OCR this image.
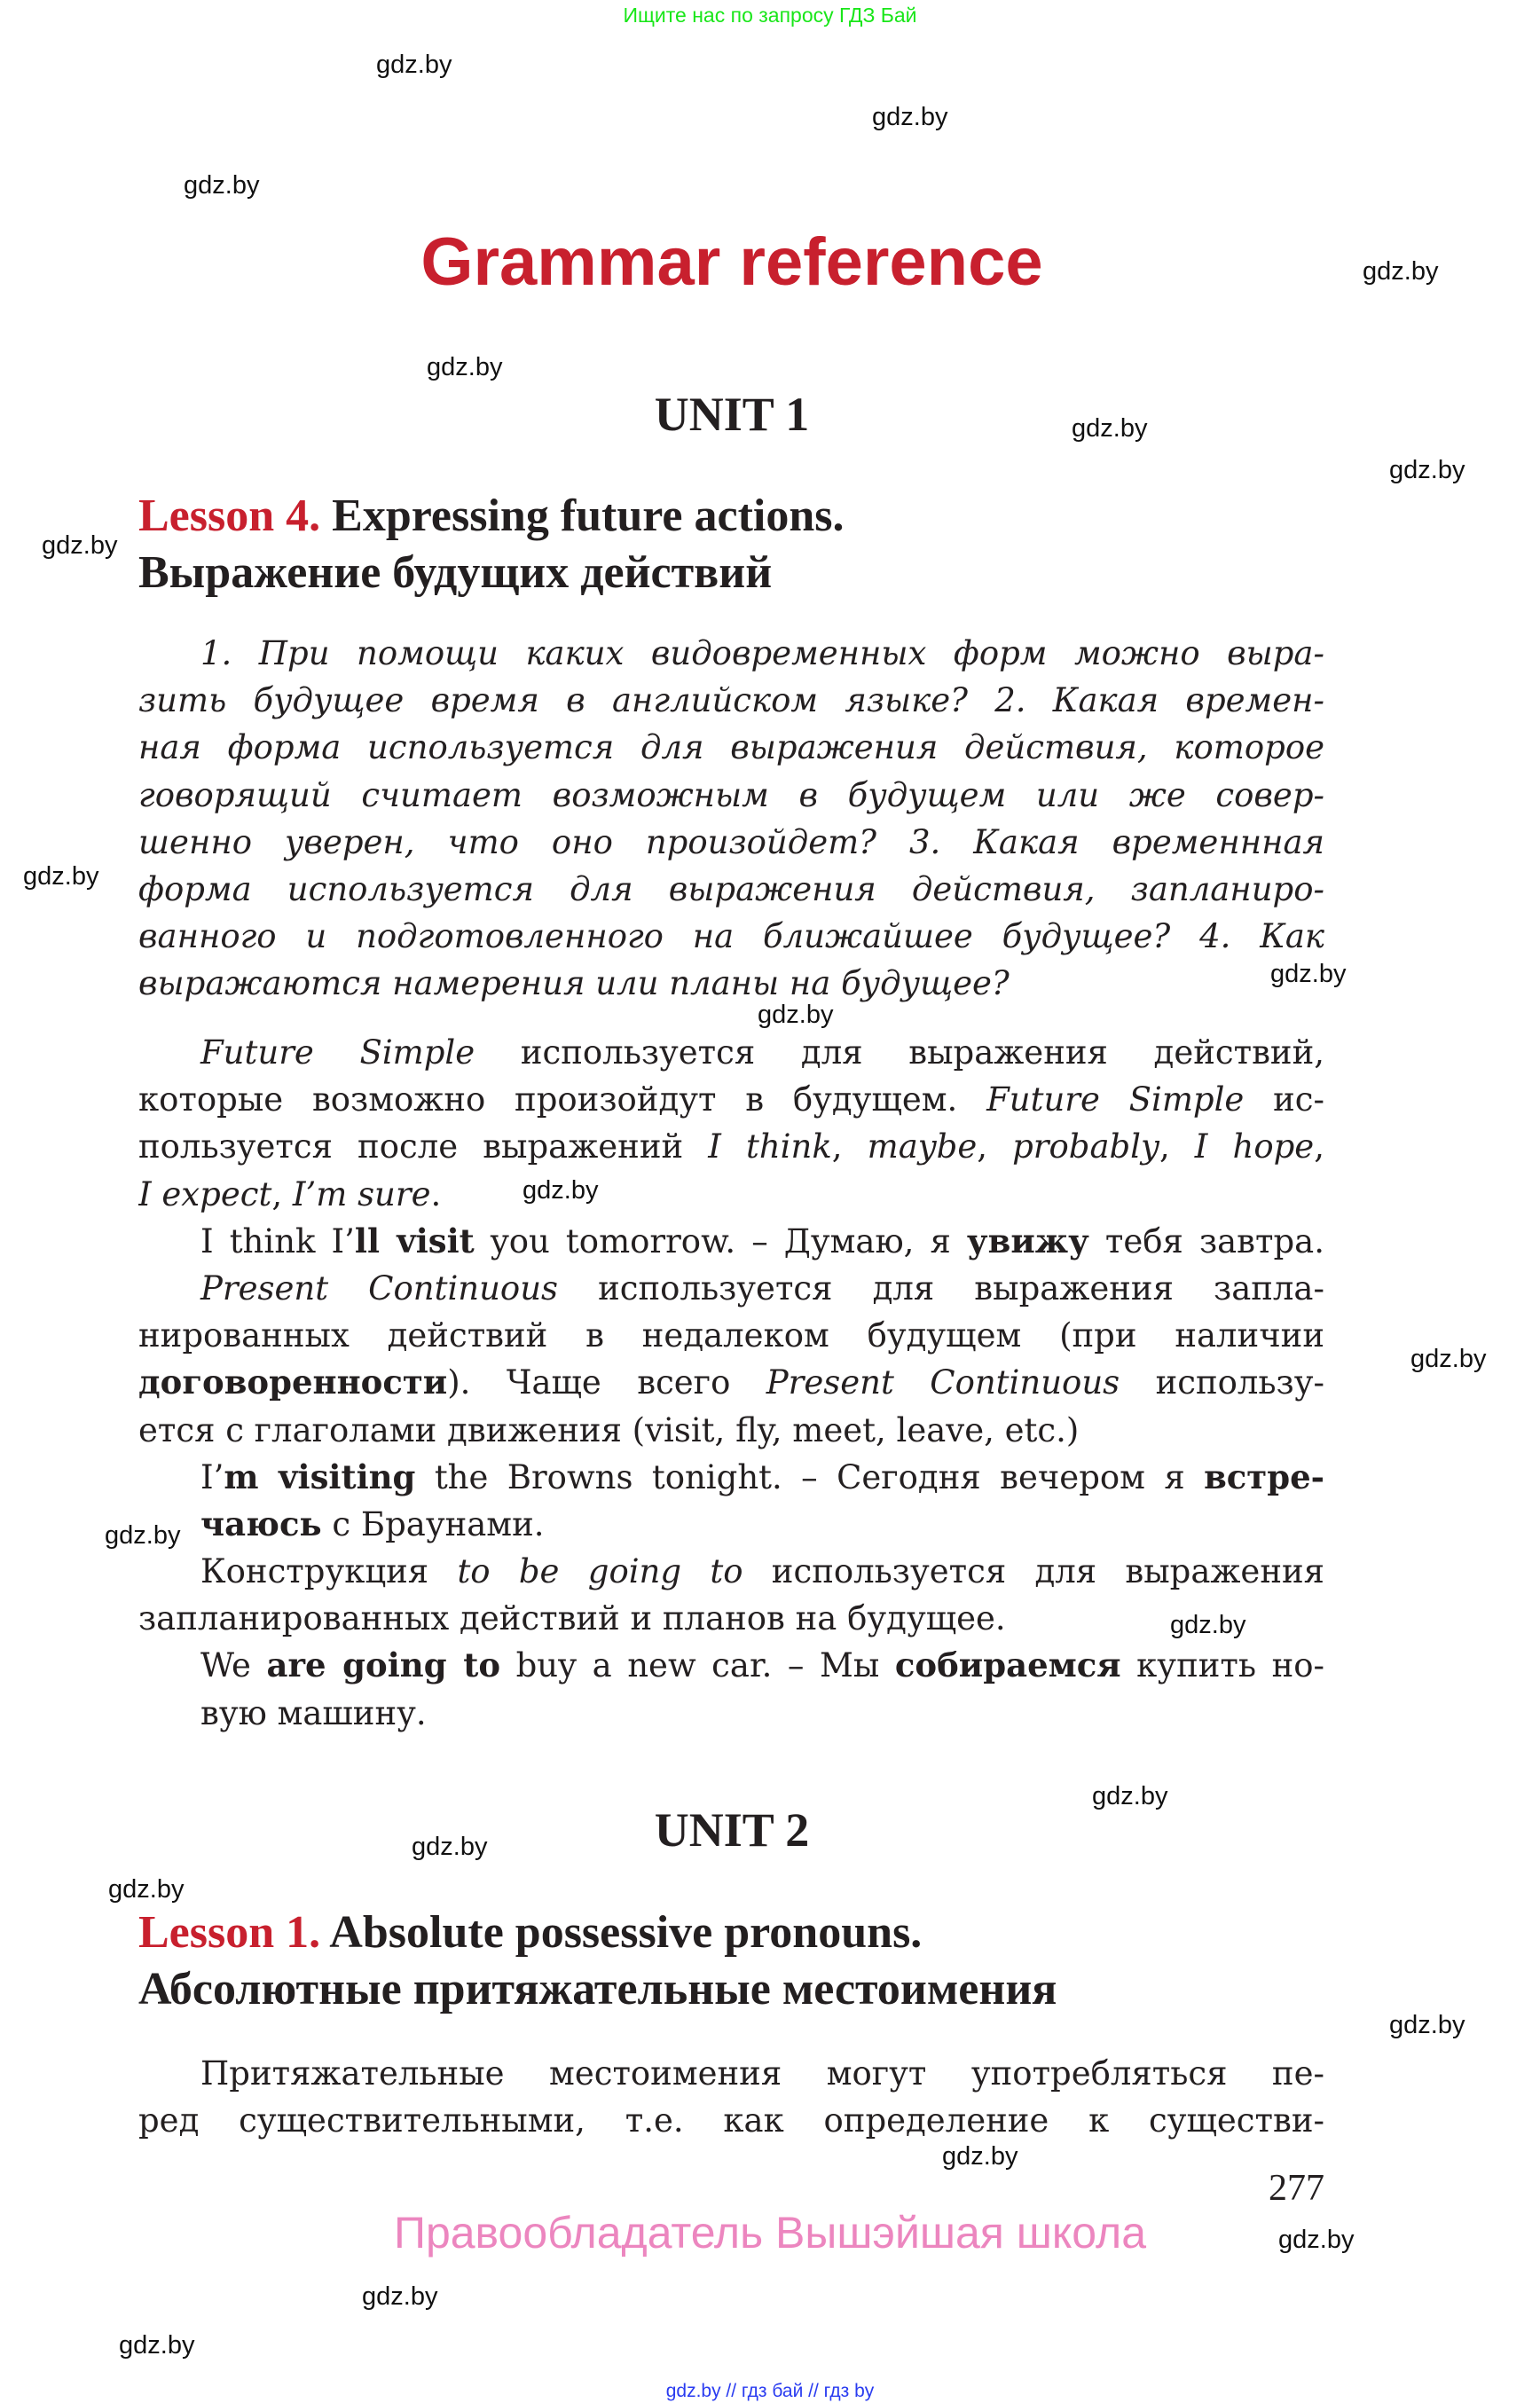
Ищите нас по запросу ГДЗ Бай
gdz.by
gdz.by
gdz.by
gdz.by
gdz.by
gdz.by
gdz.by
gdz.by
gdz.by
gdz.by
gdz.by
gdz.by
gdz.by
gdz.by
gdz.by
gdz.by
gdz.by
gdz.by
gdz.by
gdz.by
gdz.by
gdz.by
gdz.by
Grammar reference
UNIT 1
Lesson 4. Expressing future actions.
Выражение будущих действий
1. При помощи каких видовременных форм можно выра-
зить будущее время в английском языке? 2. Какая времен-
ная форма используется для выражения действия, которое
говорящий считает возможным в будущем или же совер-
шенно уверен, что оно произойдет? 3. Какая временнная
форма используется для выражения действия, запланиро-
ванного и подготовленного на ближайшее будущее? 4. Как
выражаются намерения или планы на будущее?
Future Simple используется для выражения действий,
которые возможно произойдут в будущем. Future Simple ис-
пользуется после выражений I think, maybe, probably, I hope,
I expect, I’m sure.
I think I’ll visit you tomorrow. – Думаю, я увижу тебя завтра.
Present Continuous используется для выражения запла-
нированных действий в недалеком будущем (при наличии
договоренности). Чаще всего Present Continuous использу-
ется с глаголами движения (visit, fly, meet, leave, etc.)
I’m visiting the Browns tonight. – Сегодня вечером я встре-
чаюсь с Браунами.
Конструкция to be going to используется для выражения
запланированных действий и планов на будущее.
We are going to buy a new car. – Мы собираемся купить но-
вую машину.
UNIT 2
Lesson 1. Absolute possessive pronouns.
Абсолютные притяжательные местоимения
Притяжательные местоимения могут употребляться пе-
ред существительными, т.е. как определение к существи-
277
Правообладатель Вышэйшая школа
gdz.by // гдз бай // гдз by
